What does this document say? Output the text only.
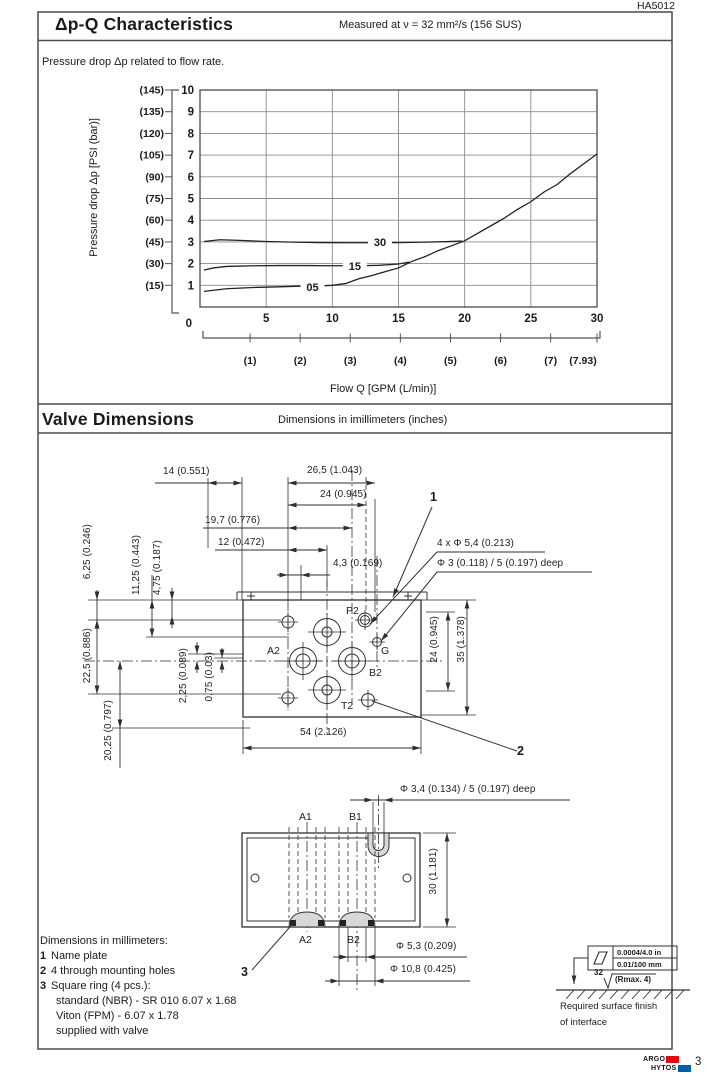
1
2
3
4
5
6
7
8
9
10
(15)
(30)
(45)
(60)
(75)
(90)
(105)
(120)
(135)
(145)
0	5	10	15	20	25	30
(1)	(2)	(3)	(4)	(5)	(6)	(7) (7.93)
05
15
30
HA5012
Δp-Q Characteristics	Measured at ν = 32 mm²/s (156 SUS)
Pressure drop Δp related to flow rate.
Pressure drop Δp [PSI (bar)]
Flow Q [GPM (L/min)]
Valve Dimensions	Dimensions in imillimeters (inches)
14 (0.551)	26,5 (1.043)
24 (0.945)
19,7 (0.776)
12 (0.472)
4,3 (0.169)
4 x Φ 5,4 (0.213)
Φ 3 (0.118) / 5 (0.197) deep
1
2
6,25 (0.246)	11,25 (0.443) 4,75 (0.187)
22,5 (0.886)	2,25 (0.089) 0,75 (0.03)
20,25 (0.797)
24 (0.945) 35 (1.378)
54 (2.126)
P2
A2	G
B2
T2
Φ 3,4 (0.134) / 5 (0.197) deep
A1	B1
A2	B2
30 (1.181)
Φ 5,3 (0.209)
Φ 10,8 (0.425)
3
Dimensions in millimeters:
1 Name plate
2 4 through mounting holes
3 Square ring (4 pcs.):
standard (NBR) - SR 010 6.07 x 1.68
Viton (FPM) - 6.07 x 1.78
supplied with valve
0.0004/4.0 in
0.01/100 mm
32
(Rmax. 4)
Required surface finish
of interface
ARGO
HYTOS
3
